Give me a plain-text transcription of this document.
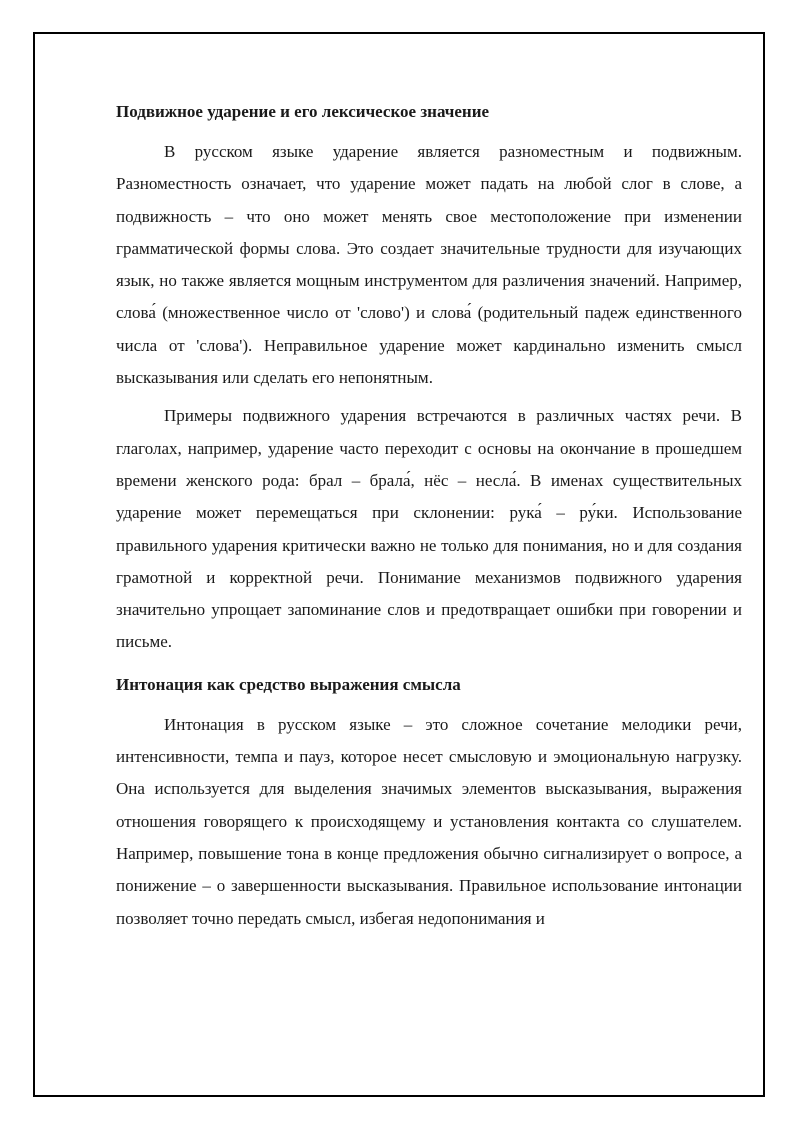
Подвижное ударение и его лексическое значение

В русском языке ударение является разноместным и подвижным. Разноместность означает, что ударение может падать на любой слог в слове, а подвижность – что оно может менять свое местоположение при изменении грамматической формы слова. Это создает значительные трудности для изучающих язык, но также является мощным инструментом для различения значений. Например, слова́ (множественное число от 'слово') и слова́ (родительный падеж единственного числа от 'слова'). Неправильное ударение может кардинально изменить смысл высказывания или сделать его непонятным.

Примеры подвижного ударения встречаются в различных частях речи. В глаголах, например, ударение часто переходит с основы на окончание в прошедшем времени женского рода: брал – брала́, нёс – несла́. В именах существительных ударение может перемещаться при склонении: рука́ – ру́ки. Использование правильного ударения критически важно не только для понимания, но и для создания грамотной и корректной речи. Понимание механизмов подвижного ударения значительно упрощает запоминание слов и предотвращает ошибки при говорении и письме.

Интонация как средство выражения смысла

Интонация в русском языке – это сложное сочетание мелодики речи, интенсивности, темпа и пауз, которое несет смысловую и эмоциональную нагрузку. Она используется для выделения значимых элементов высказывания, выражения отношения говорящего к происходящему и установления контакта со слушателем. Например, повышение тона в конце предложения обычно сигнализирует о вопросе, а понижение – о завершенности высказывания. Правильное использование интонации позволяет точно передать смысл, избегая недопонимания и
